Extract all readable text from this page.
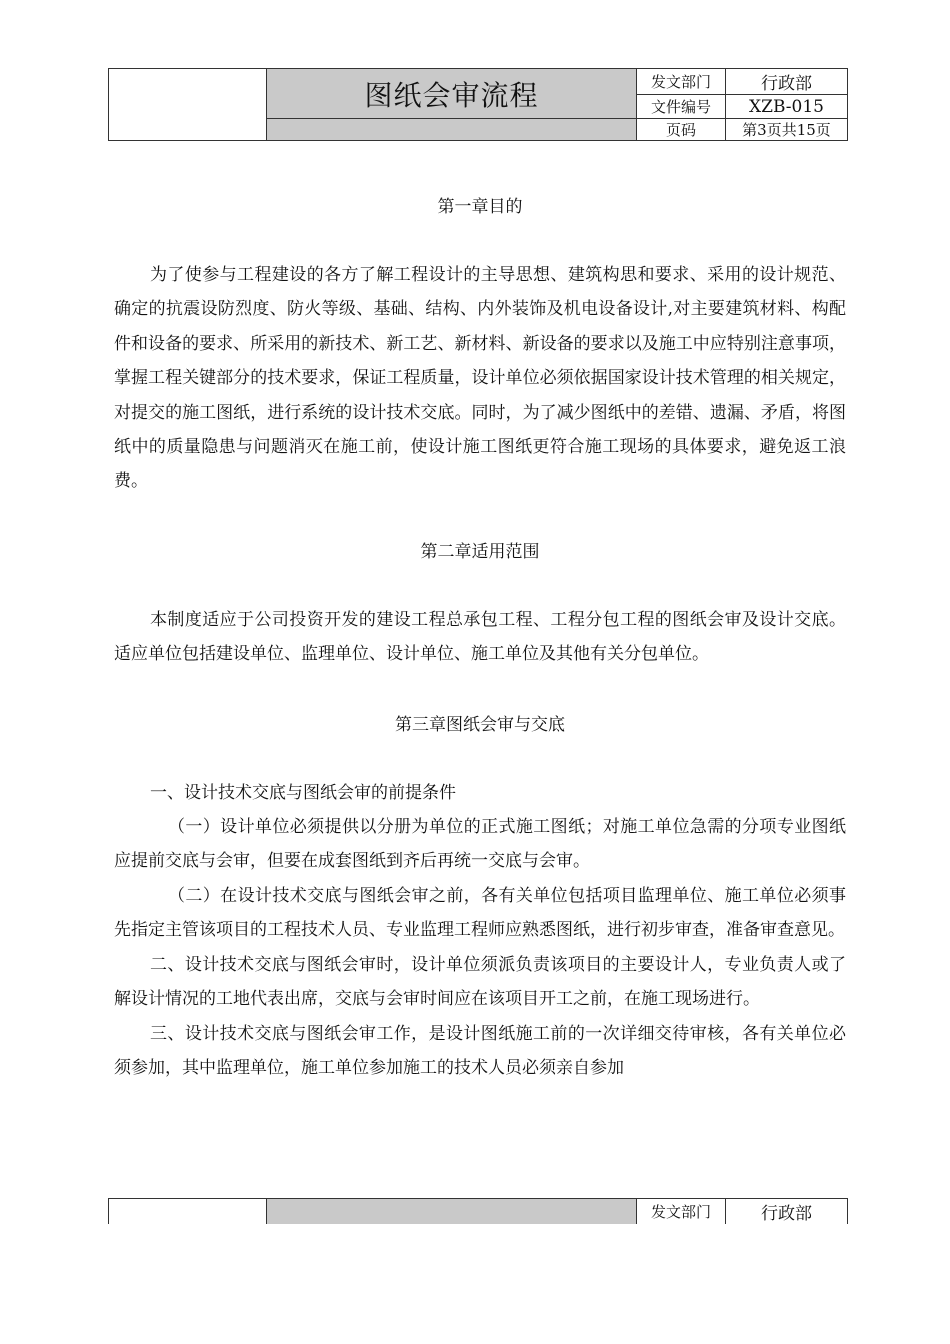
	图纸会审流程	发文部门	行政部
		文件编号	XZB-015
		页码	第3页共15页
第一章目的

为了使参与工程建设的各方了解工程设计的主导思想、建筑构思和要求、采用的设计规范、确定的抗震设防烈度、防火等级、基础、结构、内外装饰及机电设备设计,对主要建筑材料、构配件和设备的要求、所采用的新技术、新工艺、新材料、新设备的要求以及施工中应特别注意事项，掌握工程关键部分的技术要求，保证工程质量，设计单位必须依据国家设计技术管理的相关规定，对提交的施工图纸，进行系统的设计技术交底。同时，为了减少图纸中的差错、遗漏、矛盾，将图纸中的质量隐患与问题消灭在施工前，使设计施工图纸更符合施工现场的具体要求，避免返工浪费。

第二章适用范围

本制度适应于公司投资开发的建设工程总承包工程、工程分包工程的图纸会审及设计交底。适应单位包括建设单位、监理单位、设计单位、施工单位及其他有关分包单位。

第三章图纸会审与交底

一、设计技术交底与图纸会审的前提条件

（一）设计单位必须提供以分册为单位的正式施工图纸；对施工单位急需的分项专业图纸应提前交底与会审，但要在成套图纸到齐后再统一交底与会审。

（二）在设计技术交底与图纸会审之前，各有关单位包括项目监理单位、施工单位必须事先指定主管该项目的工程技术人员、专业监理工程师应熟悉图纸，进行初步审查，准备审查意见。

二、设计技术交底与图纸会审时，设计单位须派负责该项目的主要设计人，专业负责人或了解设计情况的工地代表出席，交底与会审时间应在该项目开工之前，在施工现场进行。

三、设计技术交底与图纸会审工作，是设计图纸施工前的一次详细交待审核，各有关单位必须参加，其中监理单位，施工单位参加施工的技术人员必须亲自参加

		发文部门	行政部
